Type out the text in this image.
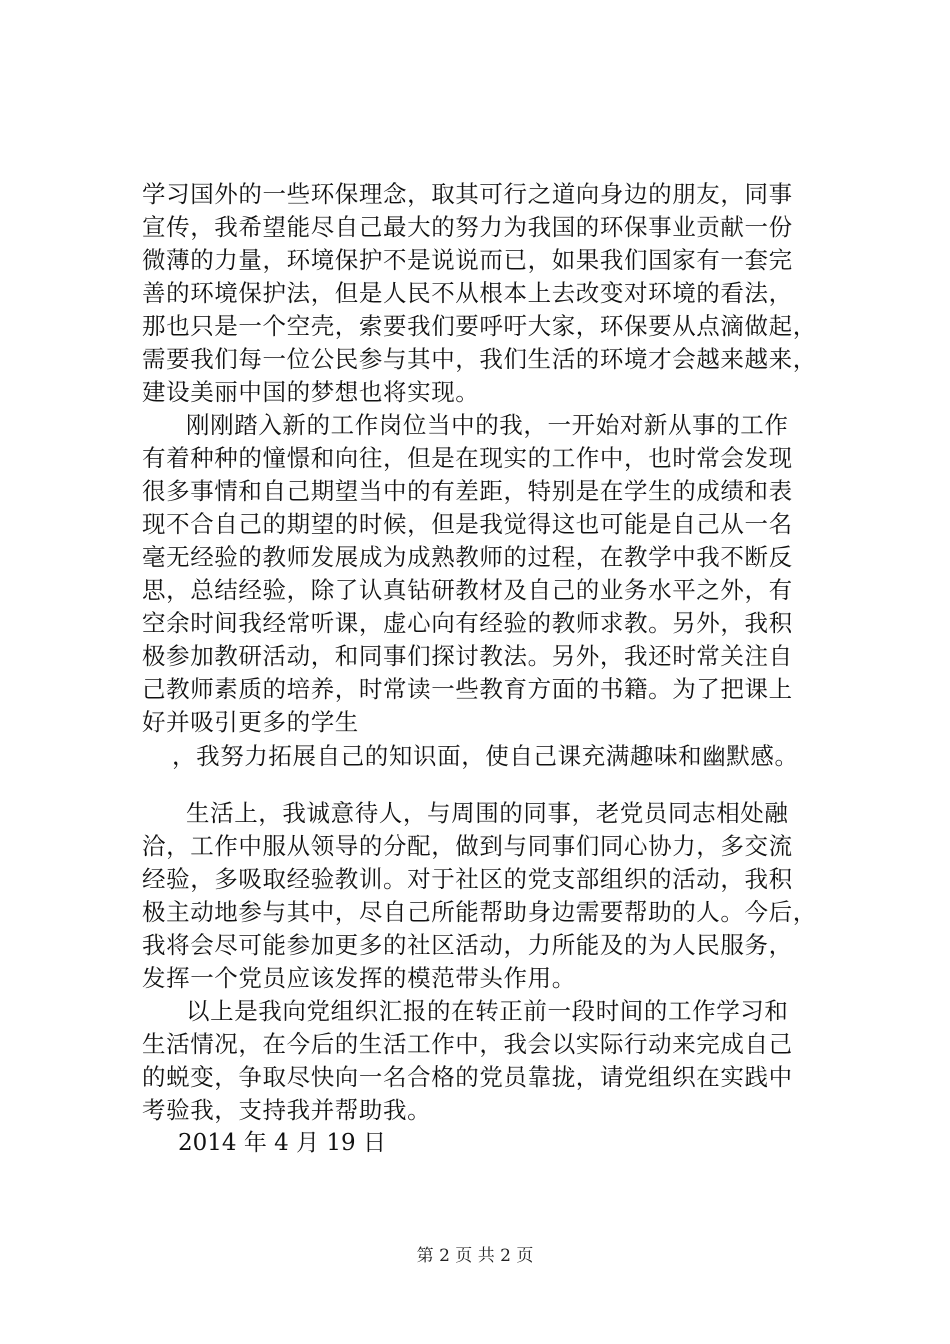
学习国外的一些环保理念，取其可行之道向身边的朋友，同事
宣传，我希望能尽自己最大的努力为我国的环保事业贡献一份
微薄的力量，环境保护不是说说而已，如果我们国家有一套完
善的环境保护法，但是人民不从根本上去改变对环境的看法，
那也只是一个空壳，索要我们要呼吁大家，环保要从点滴做起，
需要我们每一位公民参与其中，我们生活的环境才会越来越来，
建设美丽中国的梦想也将实现。
刚刚踏入新的工作岗位当中的我，一开始对新从事的工作
有着种种的憧憬和向往，但是在现实的工作中，也时常会发现
很多事情和自己期望当中的有差距，特别是在学生的成绩和表
现不合自己的期望的时候，但是我觉得这也可能是自己从一名
毫无经验的教师发展成为成熟教师的过程，在教学中我不断反
思，总结经验，除了认真钻研教材及自己的业务水平之外，有
空余时间我经常听课，虚心向有经验的教师求教。另外，我积
极参加教研活动，和同事们探讨教法。另外，我还时常关注自
己教师素质的培养，时常读一些教育方面的书籍。为了把课上
好并吸引更多的学生
，我努力拓展自己的知识面，使自己课充满趣味和幽默感。
生活上，我诚意待人，与周围的同事，老党员同志相处融
洽，工作中服从领导的分配，做到与同事们同心协力，多交流
经验，多吸取经验教训。对于社区的党支部组织的活动，我积
极主动地参与其中，尽自己所能帮助身边需要帮助的人。今后，
我将会尽可能参加更多的社区活动，力所能及的为人民服务，
发挥一个党员应该发挥的模范带头作用。
以上是我向党组织汇报的在转正前一段时间的工作学习和
生活情况，在今后的生活工作中，我会以实际行动来完成自己
的蜕变，争取尽快向一名合格的党员靠拢，请党组织在实践中
考验我，支持我并帮助我。
2014 年 4 月 19 日
第 2 页 共 2 页
